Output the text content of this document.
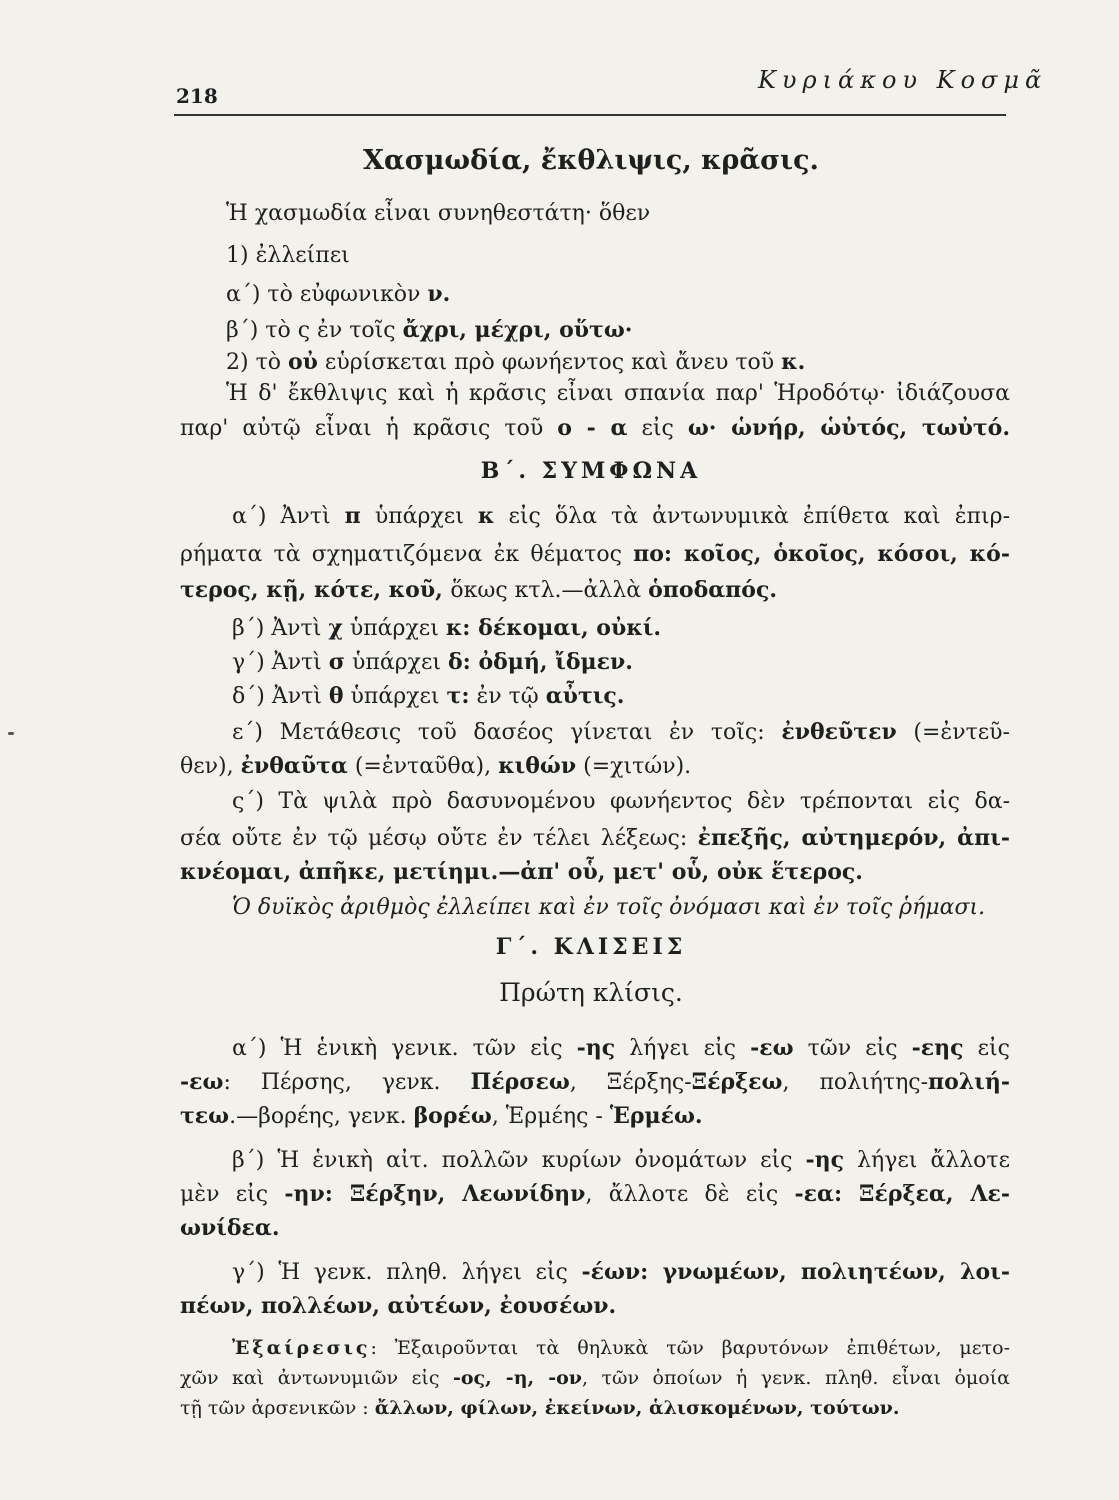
218
Κυριάκου Κοσμᾶ
Χασμωδία, ἔκθλιψις, κρᾶσις.
Ἡ χασμωδία εἶναι συνηθεστάτη· ὅθεν
1) ἐλλείπει
α΄) τὸ εὐφωνικὸν ν.
β΄) τὸ ς ἐν τοῖς ἄχρι, μέχρι, οὕτω·
2) τὸ οὐ εὑρίσκεται πρὸ φωνήεντος καὶ ἄνευ τοῦ κ.
Ἡ δ' ἔκθλιψις καὶ ἡ κρᾶσις εἶναι σπανία παρ' Ἡροδότῳ· ἰδιάζουσα
παρ' αὐτῷ εἶναι ἡ κρᾶσις τοῦ ο - α εἰς ω· ὡνήρ, ὡὐτός, τωὐτό.
Β΄. ΣΥΜΦΩΝΑ
α΄) Ἀντὶ π ὑπάρχει κ εἰς ὅλα τὰ ἀντωνυμικὰ ἐπίθετα καὶ ἐπιρ-
ρήματα τὰ σχηματιζόμενα ἐκ θέματος πο: κοῖος, ὁκοῖος, κόσοι, κό-
τερος, κῇ, κότε, κοῦ, ὅκως κτλ.—ἀλλὰ ὁποδαπός.
β΄) Ἀντὶ χ ὑπάρχει κ: δέκομαι, οὐκί.
γ΄) Ἀντὶ σ ὑπάρχει δ: ὀδμή, ἴδμεν.
δ΄) Ἀντὶ θ ὑπάρχει τ: ἐν τῷ αὖτις.
ε΄) Μετάθεσις τοῦ δασέος γίνεται ἐν τοῖς: ἐνθεῦτεν (=ἐντεῦ-
θεν), ἐνθαῦτα (=ἐνταῦθα), κιθών (=χιτών).
ς΄) Τὰ ψιλὰ πρὸ δασυνομένου φωνήεντος δὲν τρέπονται εἰς δα-
σέα οὔτε ἐν τῷ μέσῳ οὔτε ἐν τέλει λέξεως: ἐπεξῆς, αὐτημερόν, ἀπι-
κνέομαι, ἀπῆκε, μετίημι.—ἀπ' οὗ, μετ' οὗ, οὐκ ἕτερος.
Ὁ δυϊκὸς ἀριθμὸς ἐλλείπει καὶ ἐν τοῖς ὀνόμασι καὶ ἐν τοῖς ῥήμασι.
Γ΄. ΚΛΙΣΕΙΣ
Πρώτη κλίσις.
α΄) Ἡ ἑνικὴ γενικ. τῶν εἰς -ης λήγει εἰς -εω τῶν εἰς -εης εἰς
-εω: Πέρσης, γενκ. Πέρσεω, Ξέρξης-Ξέρξεω, πολιήτης-πολιή-
τεω.—βορέης, γενκ. βορέω, Ἑρμέης - Ἑρμέω.
β΄) Ἡ ἑνικὴ αἰτ. πολλῶν κυρίων ὀνομάτων εἰς -ης λήγει ἄλλοτε
μὲν εἰς -ην: Ξέρξην, Λεωνίδην, ἄλλοτε δὲ εἰς -εα: Ξέρξεα, Λε-
ωνίδεα.
γ΄) Ἡ γενκ. πληθ. λήγει εἰς -έων: γνωμέων, πολιητέων, λοι-
πέων, πολλέων, αὐτέων, ἐουσέων.
Ἐξαίρεσις: Ἐξαιροῦνται τὰ θηλυκὰ τῶν βαρυτόνων ἐπιθέτων, μετο-
χῶν καὶ ἀντωνυμιῶν εἰς -ος, -η, -ον, τῶν ὁποίων ἡ γενκ. πληθ. εἶναι ὁμοία
τῇ τῶν ἀρσενικῶν : ἄλλων, φίλων, ἐκείνων, ἁλισκομένων, τούτων.
